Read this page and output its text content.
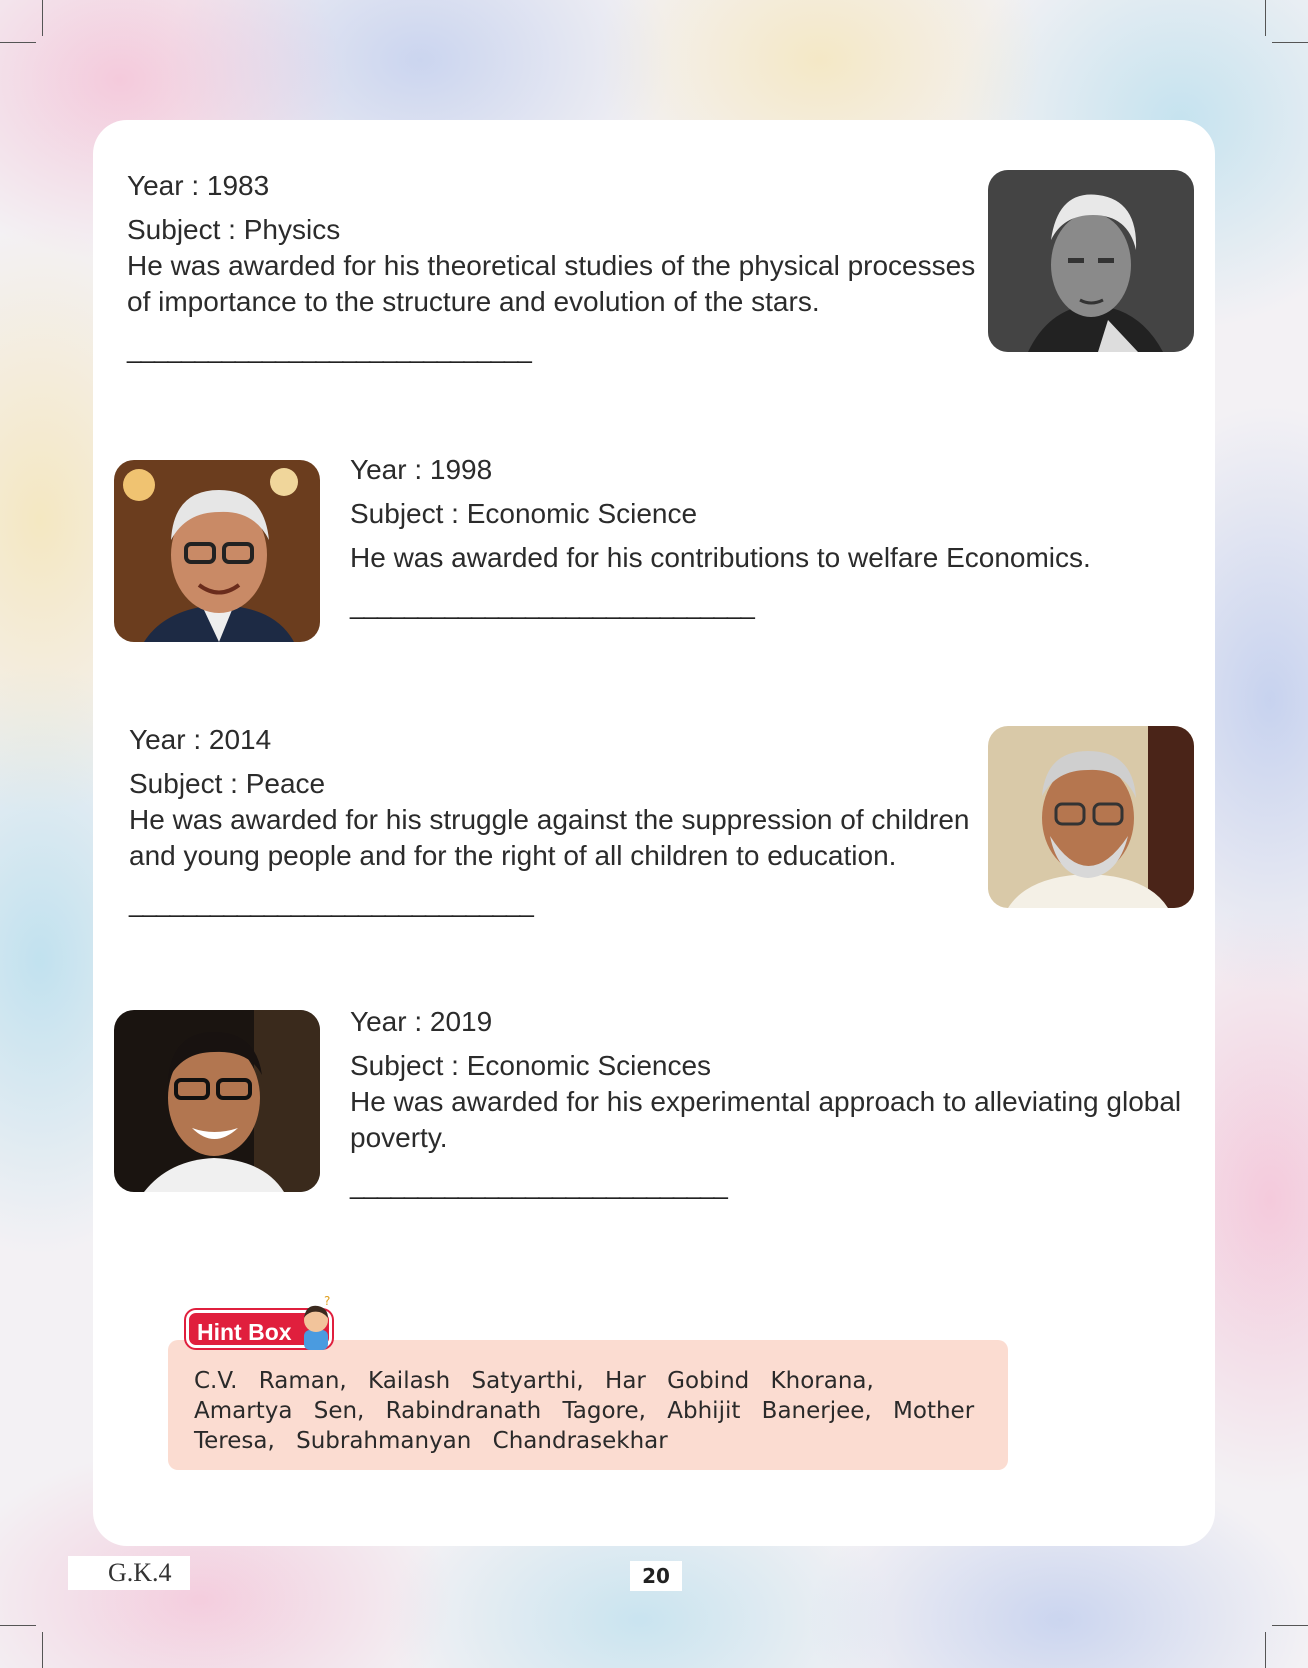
Year : 1983

Subject : Physics

He was awarded for his theoretical studies of the physical processes of importance to the structure and evolution of the stars.

______________________________

Year : 1998

Subject : Economic Science

He was awarded for his contributions to welfare Economics.

______________________________

Year : 2014

Subject : Peace

He was awarded for his struggle against the suppression of children and young people and for the right of all children to education.

______________________________

Year : 2019

Subject : Economic Sciences

He was awarded for his experimental approach to alleviating global poverty.

____________________________

C.V. Raman, Kailash Satyarthi, Har Gobind Khorana, Amartya Sen, Rabindranath Tagore, Abhijit Banerjee, Mother Teresa, Subrahmanyan Chandrasekhar

Hint Box
?
G.K.4	20
